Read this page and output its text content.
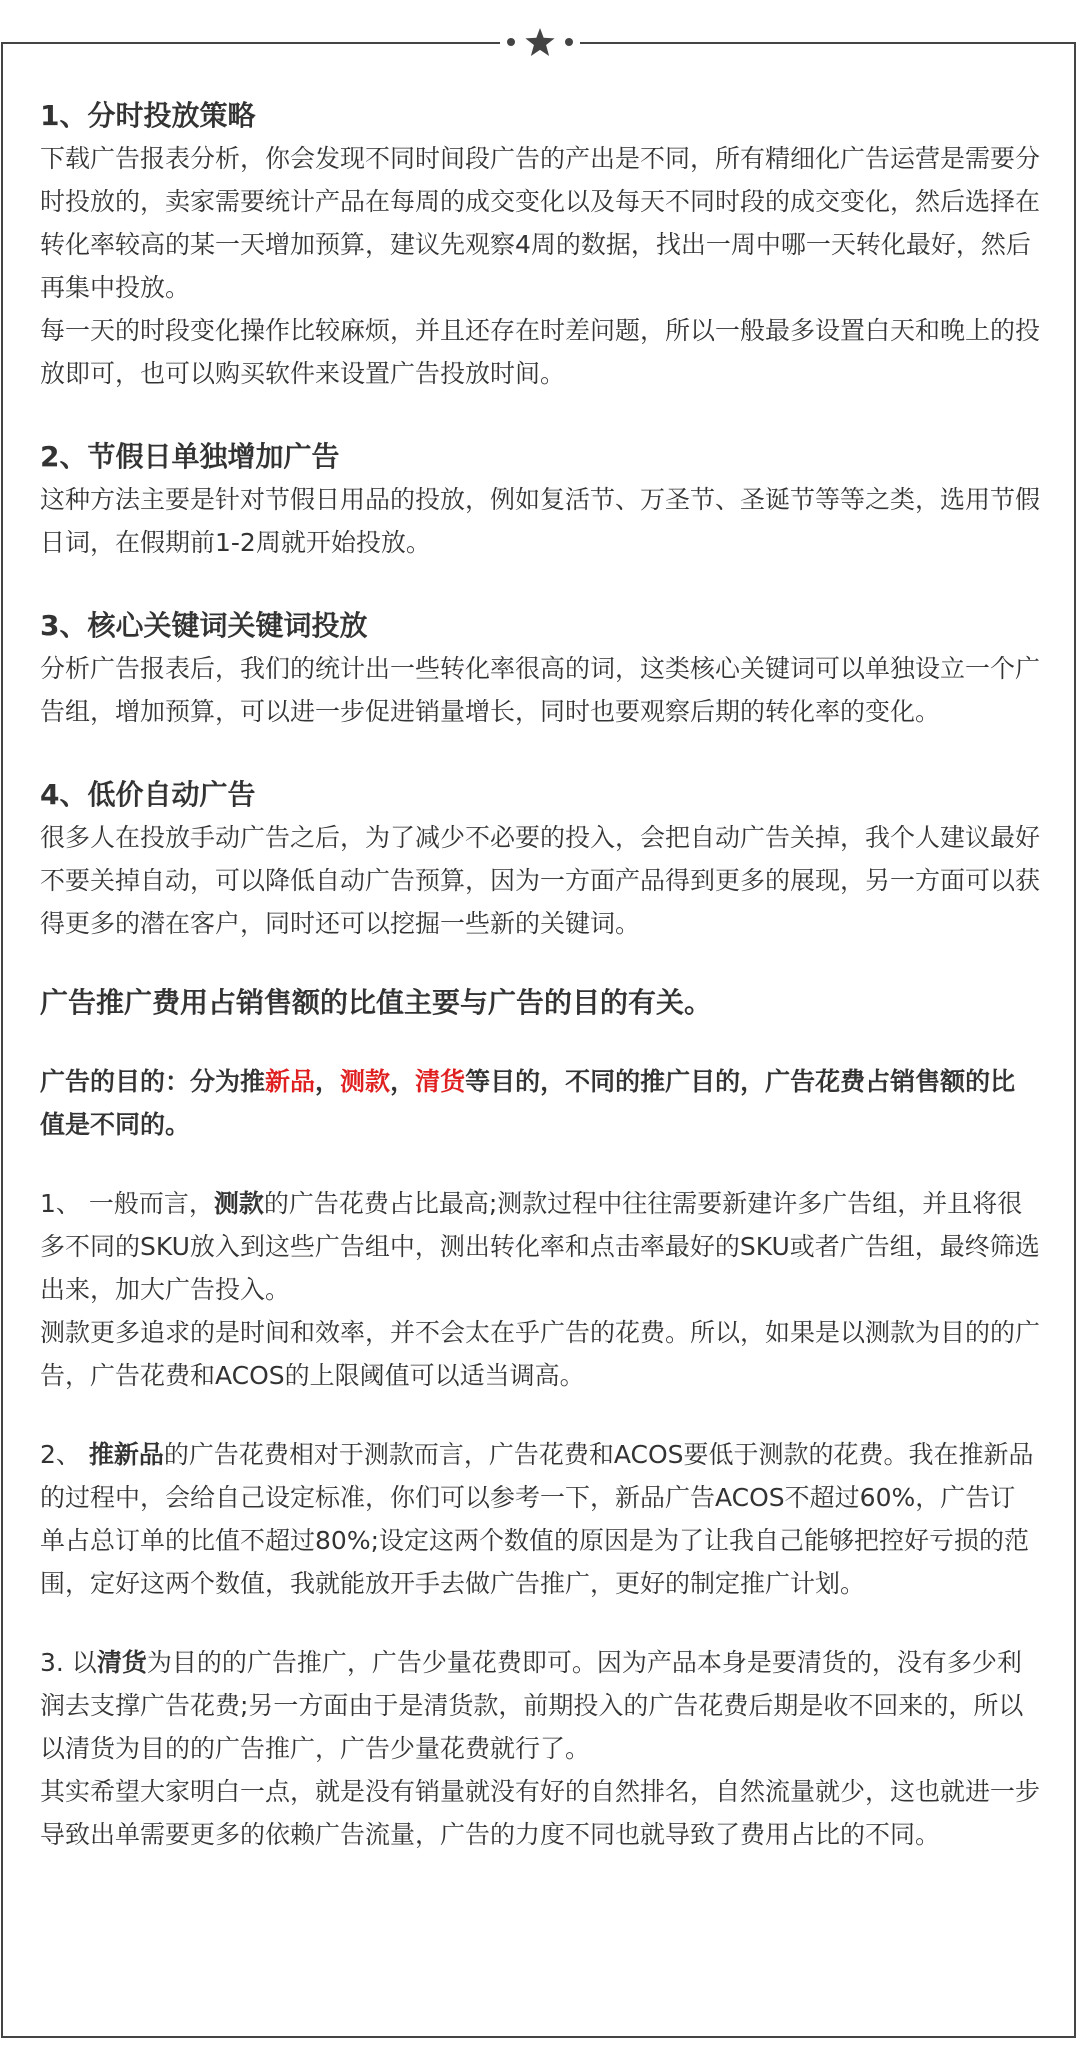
1、分时投放策略

下载广告报表分析，你会发现不同时间段广告的产出是不同，所有精细化广告运营是需要分时投放的，卖家需要统计产品在每周的成交变化以及每天不同时段的成交变化，然后选择在转化率较高的某一天增加预算，建议先观察4周的数据，找出一周中哪一天转化最好，然后再集中投放。

每一天的时段变化操作比较麻烦，并且还存在时差问题，所以一般最多设置白天和晚上的投放即可，也可以购买软件来设置广告投放时间。

2、节假日单独增加广告

这种方法主要是针对节假日用品的投放，例如复活节、万圣节、圣诞节等等之类，选用节假日词，在假期前1-2周就开始投放。

3、核心关键词关键词投放

分析广告报表后，我们的统计出一些转化率很高的词，这类核心关键词可以单独设立一个广告组，增加预算，可以进一步促进销量增长，同时也要观察后期的转化率的变化。

4、低价自动广告

很多人在投放手动广告之后，为了减少不必要的投入，会把自动广告关掉，我个人建议最好不要关掉自动，可以降低自动广告预算，因为一方面产品得到更多的展现，另一方面可以获得更多的潜在客户，同时还可以挖掘一些新的关键词。

广告推广费用占销售额的比值主要与广告的目的有关。

广告的目的：分为推新品，测款，清货等目的，不同的推广目的，广告花费占销售额的比值是不同的。

1、 一般而言，测款的广告花费占比最高;测款过程中往往需要新建许多广告组，并且将很多不同的SKU放入到这些广告组中，测出转化率和点击率最好的SKU或者广告组，最终筛选出来，加大广告投入。

测款更多追求的是时间和效率，并不会太在乎广告的花费。所以，如果是以测款为目的的广告，广告花费和ACOS的上限阈值可以适当调高。

2、 推新品的广告花费相对于测款而言，广告花费和ACOS要低于测款的花费。我在推新品的过程中，会给自己设定标准，你们可以参考一下，新品广告ACOS不超过60%，广告订单占总订单的比值不超过80%;设定这两个数值的原因是为了让我自己能够把控好亏损的范围，定好这两个数值，我就能放开手去做广告推广，更好的制定推广计划。

3. 以清货为目的的广告推广，广告少量花费即可。因为产品本身是要清货的，没有多少利润去支撑广告花费;另一方面由于是清货款，前期投入的广告花费后期是收不回来的，所以以清货为目的的广告推广，广告少量花费就行了。

其实希望大家明白一点，就是没有销量就没有好的自然排名，自然流量就少，这也就进一步导致出单需要更多的依赖广告流量，广告的力度不同也就导致了费用占比的不同。
